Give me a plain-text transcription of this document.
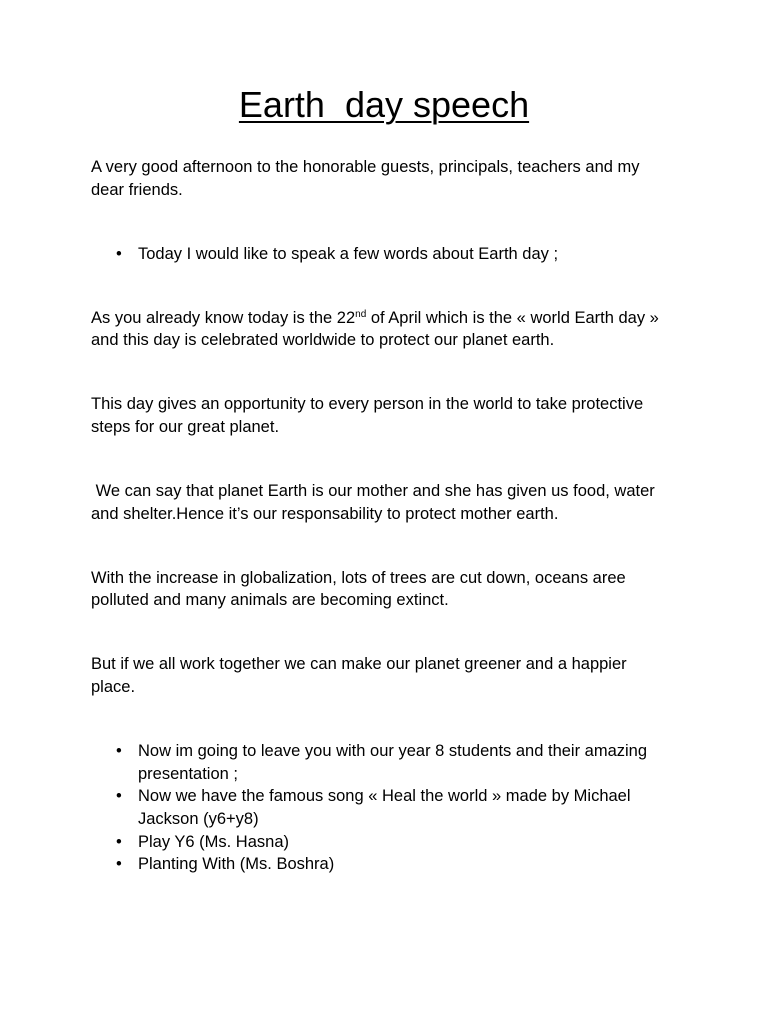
Earth  day speech

A very good afternoon to the honorable guests, principals, teachers and my
dear friends.

• Today I would like to speak a few words about Earth day ;

As you already know today is the 22nd of April which is the « world Earth day »
and this day is celebrated worldwide to protect our planet earth.

This day gives an opportunity to every person in the world to take protective
steps for our great planet.

We can say that planet Earth is our mother and she has given us food, water
and shelter.Hence it’s our responsability to protect mother earth.

With the increase in globalization, lots of trees are cut down, oceans aree
polluted and many animals are becoming extinct.

But if we all work together we can make our planet greener and a happier
place.

• Now im going to leave you with our year 8 students and their amazing
presentation ;
• Now we have the famous song « Heal the world » made by Michael
Jackson (y6+y8)
• Play Y6 (Ms. Hasna)
• Planting With (Ms. Boshra)
